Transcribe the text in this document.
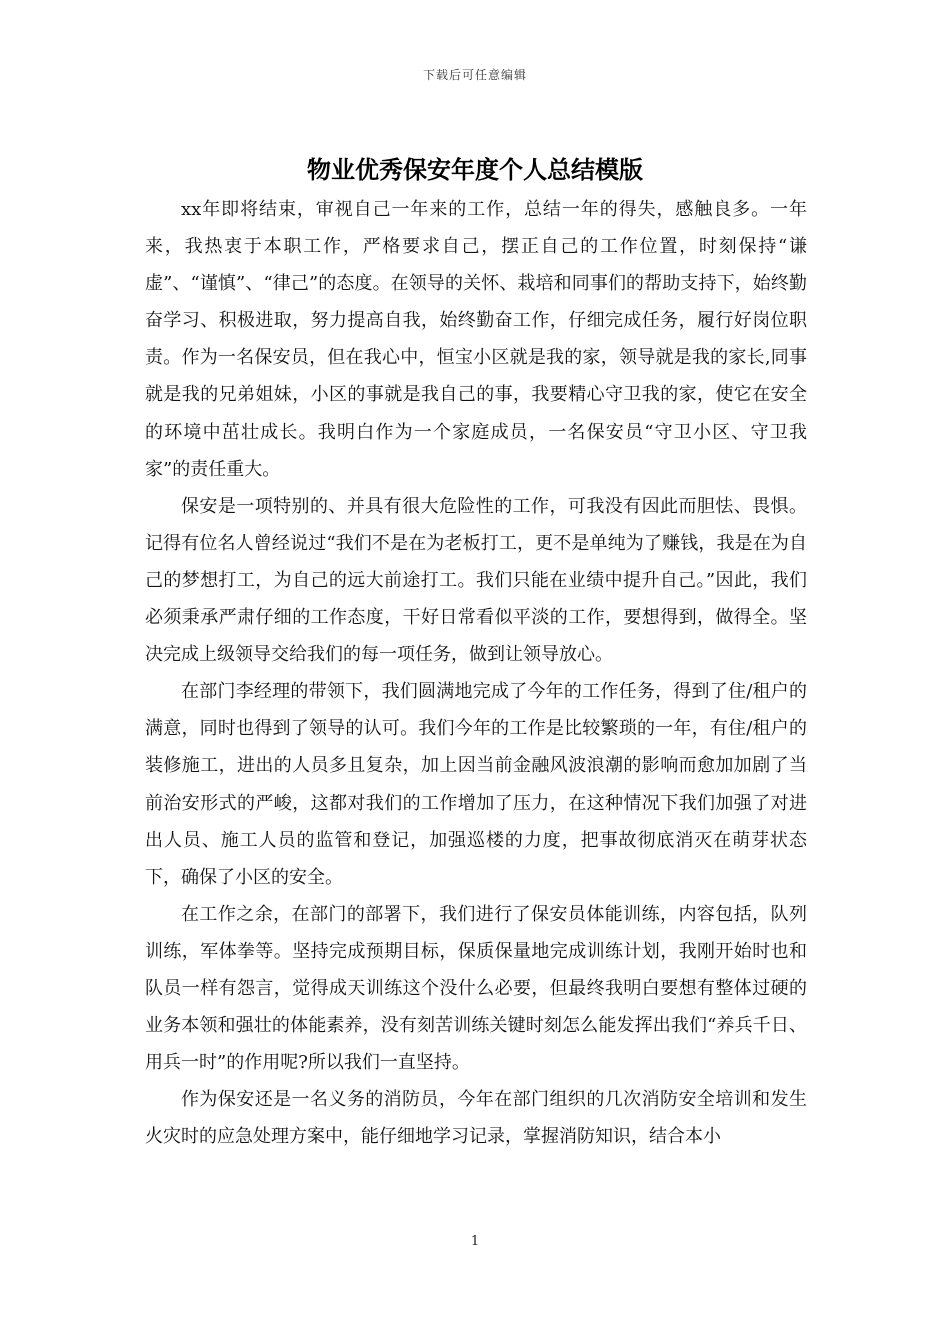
下载后可任意编辑
物业优秀保安年度个人总结模版

xx年即将结束，审视自己一年来的工作，总结一年的得失，感触良多。一年来，我热衷于本职工作，严格要求自己，摆正自己的工作位置，时刻保持“谦虚”、“谨慎”、“律己”的态度。在领导的关怀、栽培和同事们的帮助支持下，始终勤奋学习、积极进取，努力提高自我，始终勤奋工作，仔细完成任务，履行好岗位职责。作为一名保安员，但在我心中，恒宝小区就是我的家，领导就是我的家长,同事就是我的兄弟姐妹，小区的事就是我自己的事，我要精心守卫我的家，使它在安全的环境中茁壮成长。我明白作为一个家庭成员，一名保安员“守卫小区、守卫我家”的责任重大。

保安是一项特别的、并具有很大危险性的工作，可我没有因此而胆怯、畏惧。记得有位名人曾经说过“我们不是在为老板打工，更不是单纯为了赚钱，我是在为自己的梦想打工，为自己的远大前途打工。我们只能在业绩中提升自己。”因此，我们必须秉承严肃仔细的工作态度，干好日常看似平淡的工作，要想得到，做得全。坚决完成上级领导交给我们的每一项任务，做到让领导放心。

在部门李经理的带领下，我们圆满地完成了今年的工作任务，得到了住/租户的满意，同时也得到了领导的认可。我们今年的工作是比较繁琐的一年，有住/租户的装修施工，进出的人员多且复杂，加上因当前金融风波浪潮的影响而愈加加剧了当前治安形式的严峻，这都对我们的工作增加了压力，在这种情况下我们加强了对进出人员、施工人员的监管和登记，加强巡楼的力度，把事故彻底消灭在萌芽状态下，确保了小区的安全。

在工作之余，在部门的部署下，我们进行了保安员体能训练，内容包括，队列训练，军体拳等。坚持完成预期目标，保质保量地完成训练计划，我刚开始时也和队员一样有怨言，觉得成天训练这个没什么必要，但最终我明白要想有整体过硬的业务本领和强壮的体能素养，没有刻苦训练关键时刻怎么能发挥出我们“养兵千日、用兵一时”的作用呢?所以我们一直坚持。

作为保安还是一名义务的消防员，今年在部门组织的几次消防安全培训和发生火灾时的应急处理方案中，能仔细地学习记录，掌握消防知识，结合本小

1
